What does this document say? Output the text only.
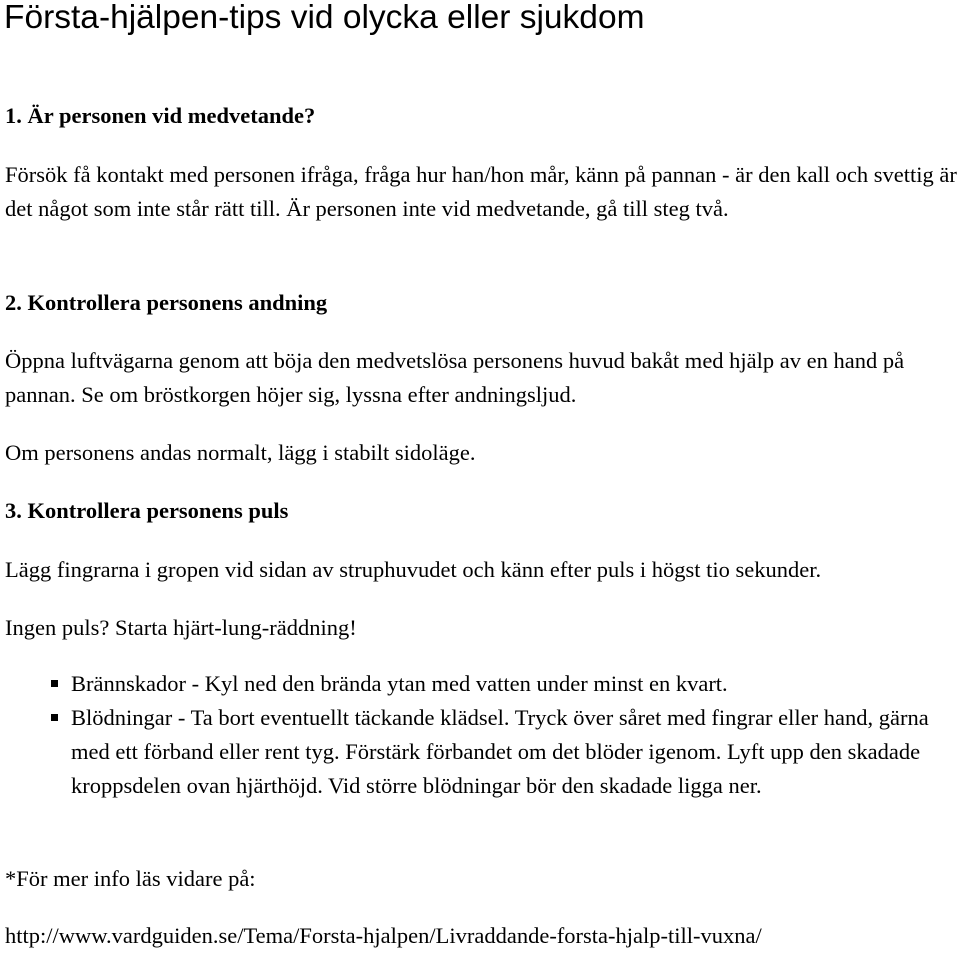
Första-hjälpen-tips vid olycka eller sjukdom
1. Är personen vid medvetande?

Försök få kontakt med personen ifråga, fråga hur han/hon mår, känn på pannan - är den kall och svettig är det något som inte står rätt till. Är personen inte vid medvetande, gå till steg två.

2. Kontrollera personens andning

Öppna luftvägarna genom att böja den medvetslösa personens huvud bakåt med hjälp av en hand på pannan. Se om bröstkorgen höjer sig, lyssna efter andningsljud.

Om personens andas normalt, lägg i stabilt sidoläge.

3. Kontrollera personens puls

Lägg fingrarna i gropen vid sidan av struphuvudet och känn efter puls i högst tio sekunder.

Ingen puls? Starta hjärt-lung-räddning!

Brännskador - Kyl ned den brända ytan med vatten under minst en kvart.
Blödningar - Ta bort eventuellt täckande klädsel. Tryck över såret med fingrar eller hand, gärna med ett förband eller rent tyg. Förstärk förbandet om det blöder igenom. Lyft upp den skadade kroppsdelen ovan hjärthöjd. Vid större blödningar bör den skadade ligga ner.

*För mer info läs vidare på:

http://www.vardguiden.se/Tema/Forsta-hjalpen/Livraddande-forsta-hjalp-till-vuxna/
